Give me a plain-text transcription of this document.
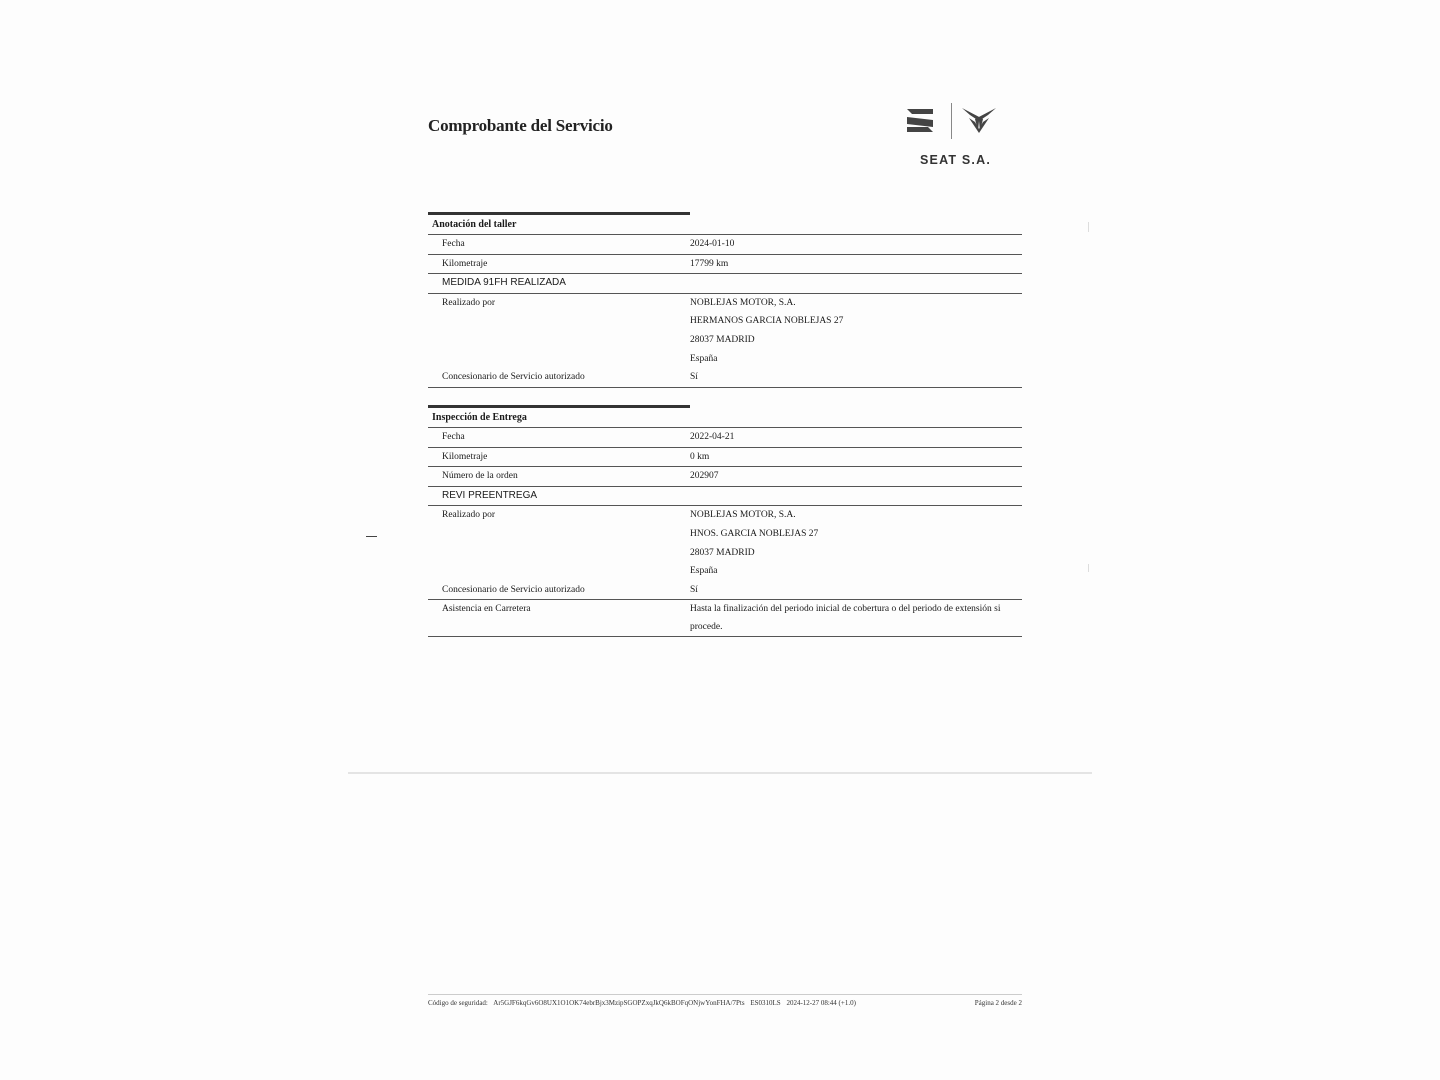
Comprobante del Servicio
SEAT S.A.
Anotación del taller
Fecha	2024-01-10
Kilometraje	17799 km
MEDIDA 91FH REALIZADA
Realizado por	NOBLEJAS MOTOR, S.A.
HERMANOS GARCIA NOBLEJAS 27
28037 MADRID
España
Concesionario de Servicio autorizado	Sí
Inspección de Entrega
Fecha	2022-04-21
Kilometraje	0 km
Número de la orden	202907
REVI PREENTREGA
Realizado por	NOBLEJAS MOTOR, S.A.
HNOS. GARCIA NOBLEJAS 27
28037 MADRID
España
Concesionario de Servicio autorizado	Sí
Asistencia en Carretera	Hasta la finalización del periodo inicial de cobertura o del periodo de extensión si procede.
Código de seguridad: Ar5GJF6kqGv6O8UX1O1OK74ebrBjx3MzipSGOPZxqJkQ6kBOFqONjwYonFHA/7Pts ES0310LS 2024-12-27 08:44 (+1.0)	Página 2 desde 2
